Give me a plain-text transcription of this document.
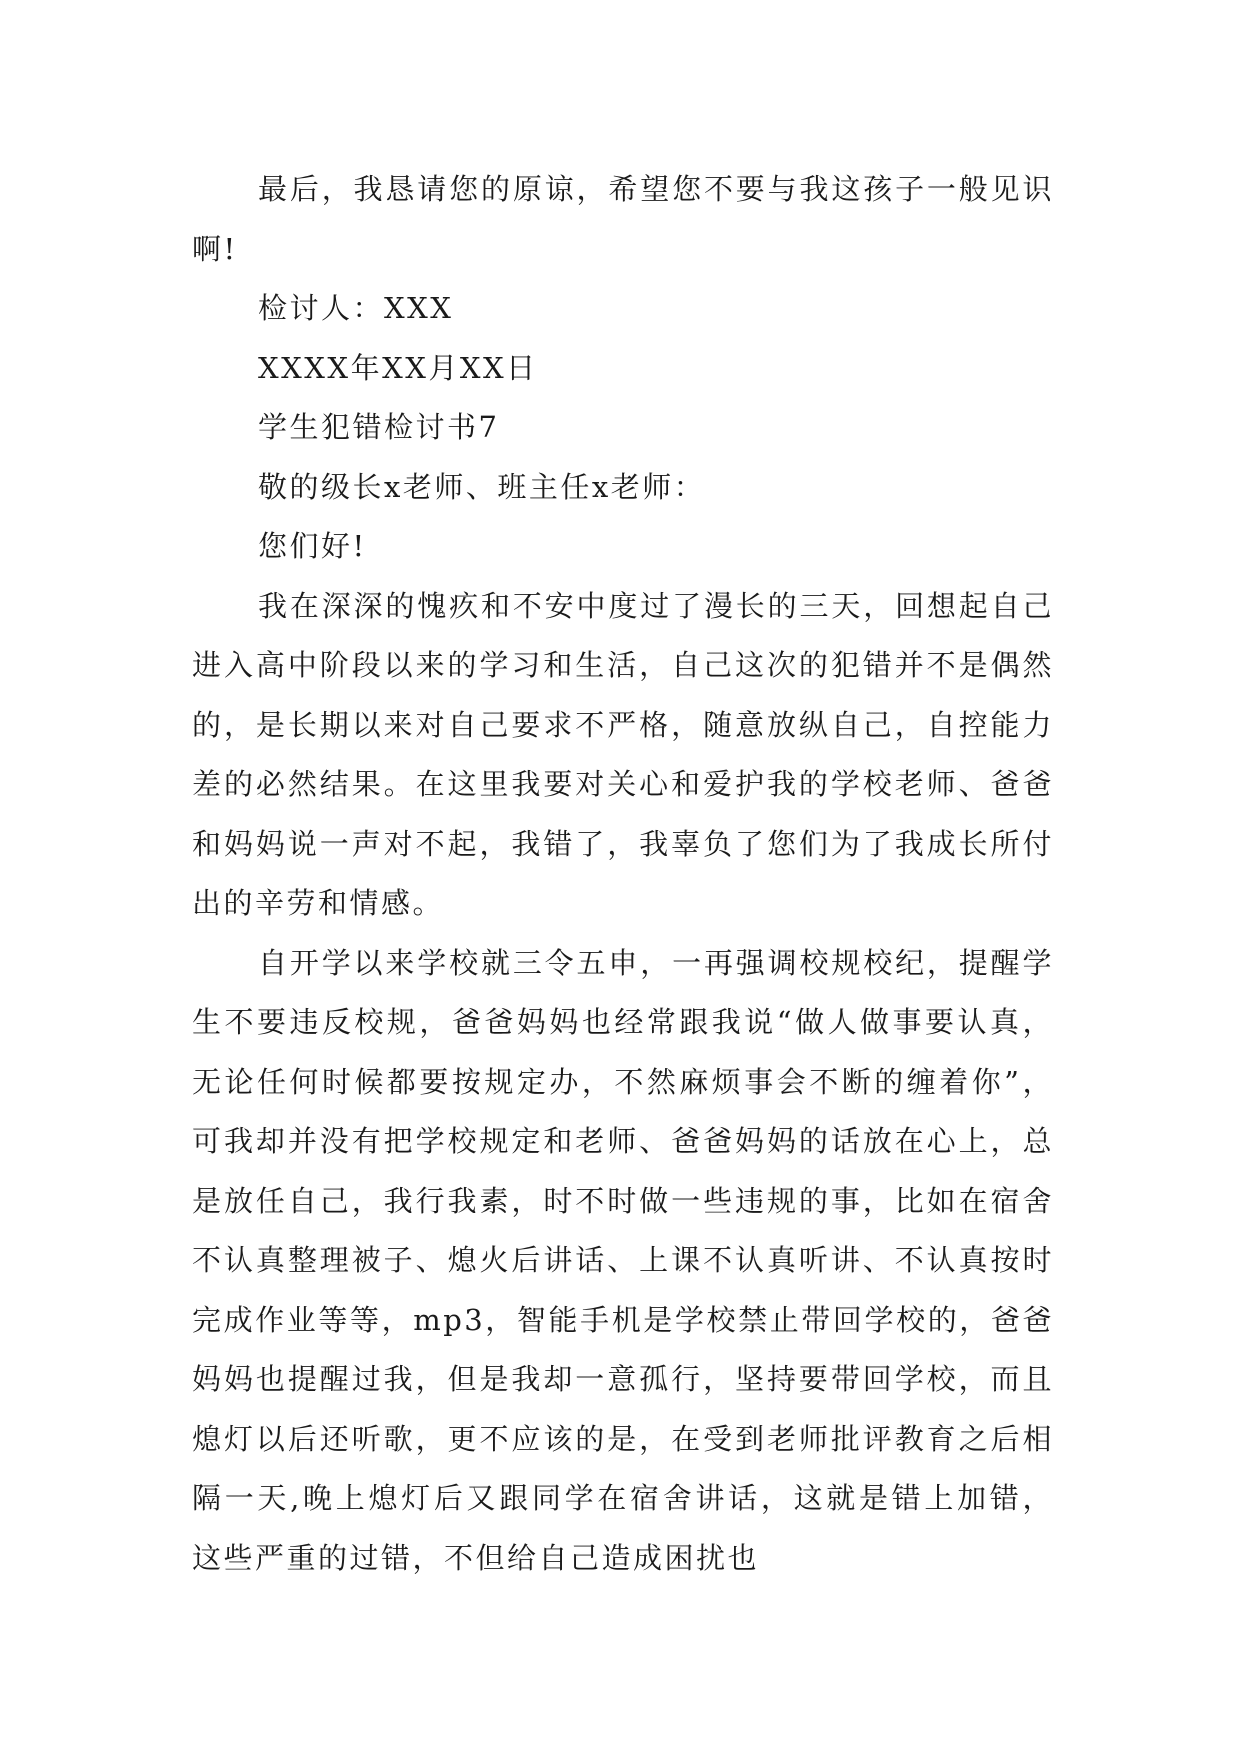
最后，我恳请您的原谅，希望您不要与我这孩子一般见识啊!

检讨人：XXX

XXXX年XX月XX日

学生犯错检讨书7

敬的级长x老师、班主任x老师：

您们好!

我在深深的愧疚和不安中度过了漫长的三天，回想起自己进入高中阶段以来的学习和生活，自己这次的犯错并不是偶然的，是长期以来对自己要求不严格，随意放纵自己，自控能力差的必然结果。在这里我要对关心和爱护我的学校老师、爸爸和妈妈说一声对不起，我错了，我辜负了您们为了我成长所付出的辛劳和情感。

自开学以来学校就三令五申，一再强调校规校纪，提醒学生不要违反校规，爸爸妈妈也经常跟我说“做人做事要认真，无论任何时候都要按规定办，不然麻烦事会不断的缠着你”，可我却并没有把学校规定和老师、爸爸妈妈的话放在心上，总是放任自己，我行我素，时不时做一些违规的事，比如在宿舍不认真整理被子、熄火后讲话、上课不认真听讲、不认真按时完成作业等等，mp3，智能手机是学校禁止带回学校的，爸爸妈妈也提醒过我，但是我却一意孤行，坚持要带回学校，而且熄灯以后还听歌，更不应该的是，在受到老师批评教育之后相隔一天,晚上熄灯后又跟同学在宿舍讲话，这就是错上加错，这些严重的过错，不但给自己造成困扰也
